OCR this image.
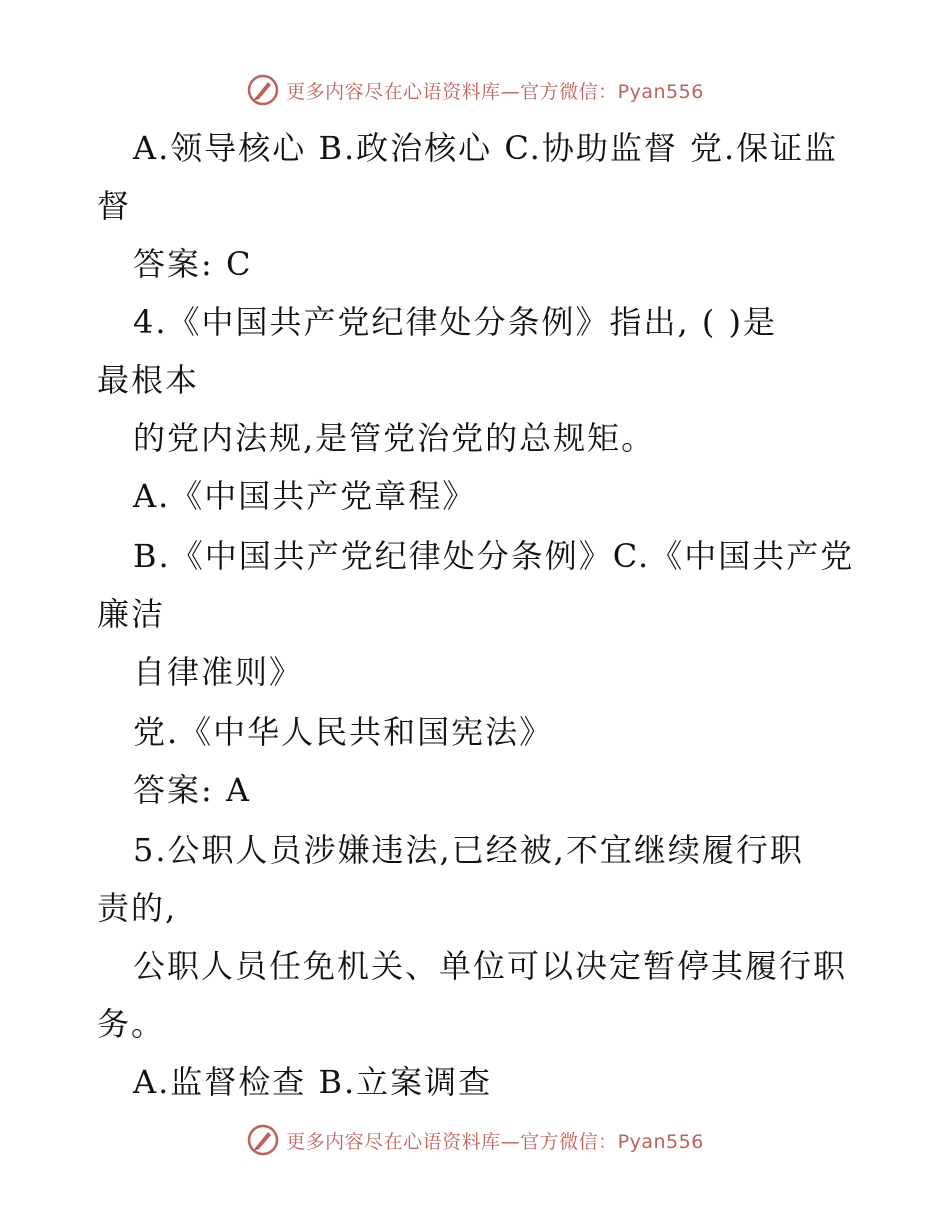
更多内容尽在心语资料库—官方微信：Pyan556
A.领导核心 B.政治核心 C.协助监督 党.保证监
督
答案: C
4.《中国共产党纪律处分条例》指出, ( )是
最根本
的党内法规,是管党治党的总规矩。
A.《中国共产党章程》
B.《中国共产党纪律处分条例》C.《中国共产党
廉洁
自律准则》
党.《中华人民共和国宪法》
答案: A
5.公职人员涉嫌违法,已经被,不宜继续履行职
责的,
公职人员任免机关、单位可以决定暂停其履行职
务。
A.监督检查 B.立案调查
更多内容尽在心语资料库—官方微信：Pyan556
